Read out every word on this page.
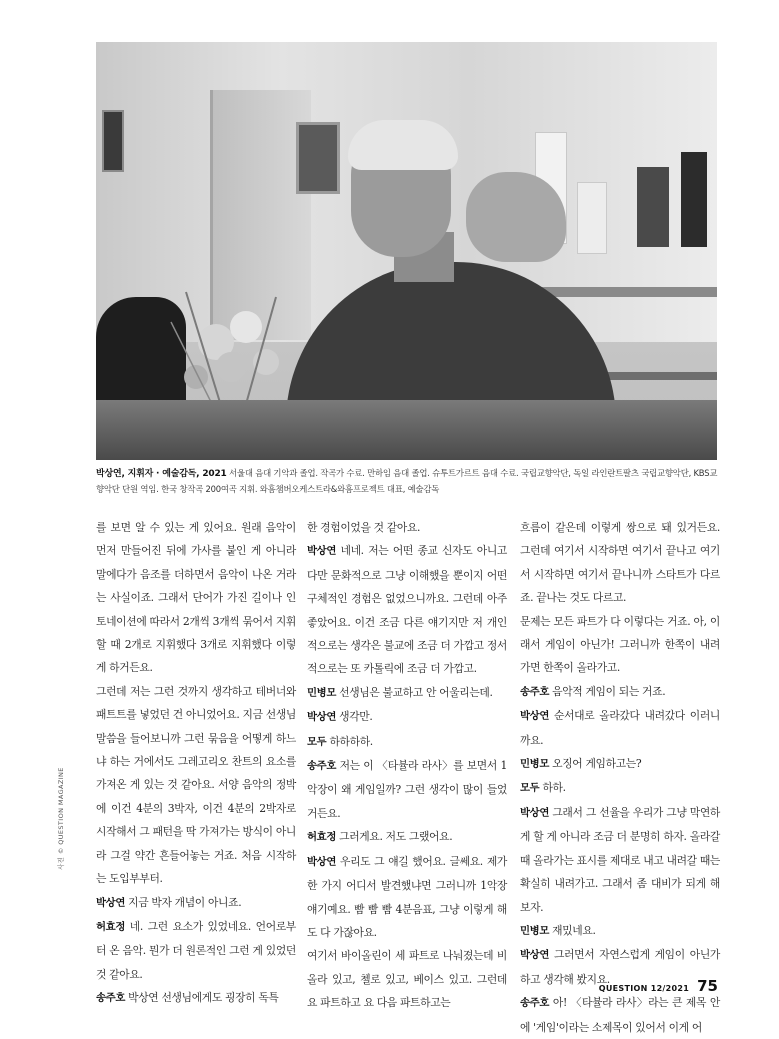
박상연, 지휘자 · 예술감독, 2021 서울대 음대 기악과 졸업. 작곡가 수료. 만하임 음대 졸업. 슈투트가르트 음대 수료. 국립교향악단, 독일 라인란트팔츠 국립교향악단, KBS교향악단 단원 역임. 한국 창작곡 200여곡 지휘. 와흠챔버오케스트라&와흠프로젝트 대표, 예술감독

를 보면 알 수 있는 게 있어요. 원래 음악이 먼저 만들어진 뒤에 가사를 붙인 게 아니라 말에다가 음조를 더하면서 음악이 나온 거라는 사실이죠. 그래서 단어가 가진 길이나 인토네이션에 따라서 2개씩 3개씩 묶어서 지휘할 때 2개로 지휘했다 3개로 지휘했다 이렇게 하거든요.

그런데 저는 그런 것까지 생각하고 테버너와 패트트를 넣었던 건 아니었어요. 지금 선생님 말씀을 들어보니까 그런 묶음을 어떻게 하느냐 하는 거에서도 그레고리오 찬트의 요소를 가져온 게 있는 것 같아요. 서양 음악의 정박에 이건 4분의 3박자, 이건 4분의 2박자로 시작해서 그 패턴을 딱 가져가는 방식이 아니라 그걸 약간 흔들어놓는 거죠. 처음 시작하는 도입부부터.

박상연 지금 박자 개념이 아니죠.

허효정 네. 그런 요소가 있었네요. 언어로부터 온 음악. 뭔가 더 원론적인 그런 게 있었던 것 같아요.

송주호 박상연 선생님에게도 굉장히 독특

한 경험이었을 것 같아요.

박상연 네네. 저는 어떤 종교 신자도 아니고 다만 문화적으로 그냥 이해했을 뿐이지 어떤 구체적인 경험은 없었으니까요. 그런데 아주 좋았어요. 이건 조금 다른 얘기지만 저 개인적으로는 생각은 불교에 조금 더 가깝고 정서적으로는 또 카톨릭에 조금 더 가깝고.

민병모 선생님은 불교하고 안 어울리는데.

박상연 생각만.

모두 하하하하.

송주호 저는 이 〈타뷸라 라사〉를 보면서 1악장이 왜 게임일까? 그런 생각이 많이 들었거든요.

허효정 그러게요. 저도 그랬어요.

박상연 우리도 그 얘길 했어요. 글쎄요. 제가 한 가지 어디서 발견했냐면 그러니까 1악장 얘기예요. 빰 빰 빰 4분음표, 그냥 이렇게 해도 다 가잖아요.

여기서 바이올린이 세 파트로 나눠졌는데 비올라 있고, 첼로 있고, 베이스 있고. 그런데 요 파트하고 요 다음 파트하고는

흐름이 같은데 이렇게 쌍으로 돼 있거든요. 그런데 여기서 시작하면 여기서 끝나고 여기서 시작하면 여기서 끝나니까 스타트가 다르죠. 끝나는 것도 다르고.

문제는 모든 파트가 다 이렇다는 거죠. 아, 이래서 게임이 아닌가! 그러니까 한쪽이 내려가면 한쪽이 올라가고.

송주호 음악적 게임이 되는 거죠.

박상연 순서대로 올라갔다 내려갔다 이러니까요.

민병모 오징어 게임하고는?

모두 하하.

박상연 그래서 그 선율을 우리가 그냥 막연하게 할 게 아니라 조금 더 분명히 하자. 올라갈 때 올라가는 표시를 제대로 내고 내려갈 때는 확실히 내려가고. 그래서 좀 대비가 되게 해보자.

민병모 재밌네요.

박상연 그러면서 자연스럽게 게임이 아닌가 하고 생각해 봤지요.

송주호 아! 〈타뷸라 라사〉라는 큰 제목 안에 '게임'이라는 소제목이 있어서 이게 어

사진 © QUESTION MAGAZINE
QUESTION 12/2021 75
